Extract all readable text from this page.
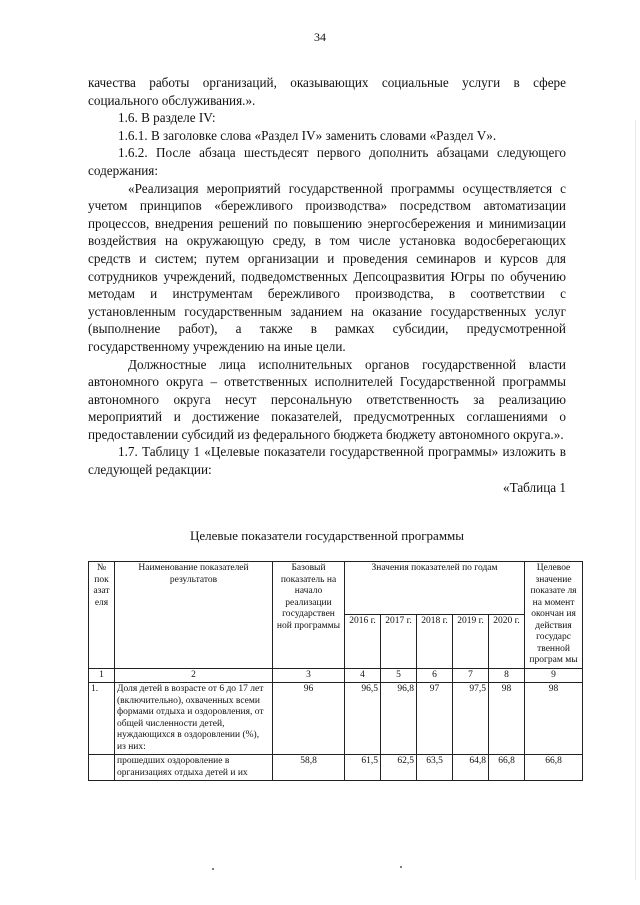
34

качества работы организаций, оказывающих социальные услуги в сфере социального обслуживания.».

1.6. В разделе IV:

1.6.1. В заголовке слова «Раздел IV» заменить словами «Раздел V».

1.6.2. После абзаца шестьдесят первого дополнить абзацами следующего содержания:

«Реализация мероприятий государственной программы осуществляется с учетом принципов «бережливого производства» посредством автоматизации процессов, внедрения решений по повышению энергосбережения и минимизации воздействия на окружающую среду, в том числе установка водосберегающих средств и систем; путем организации и проведения семинаров и курсов для сотрудников учреждений, подведомственных Депсоцразвития Югры по обучению методам и инструментам бережливого производства, в соответствии с установленным государственным заданием на оказание государственных услуг (выполнение работ), а также в рамках субсидии, предусмотренной государственному учреждению на иные цели.

Должностные лица исполнительных органов государственной власти автономного округа – ответственных исполнителей Государственной программы автономного округа несут персональную ответственность за реализацию мероприятий и достижение показателей, предусмотренных соглашениями о предоставлении субсидий из федерального бюджета бюджету автономного округа.».

1.7. Таблицу 1 «Целевые показатели государственной программы» изложить в следующей редакции:

«Таблица 1

Целевые показатели государственной программы
№ пок азат еля	Наименование показателей результатов	Базовый показатель на начало реализации государствен ной программы	Значения показателей по годам					Целевое значение показате ля на момент окончан ия действия государс твенной програм мы
			2016 г.	2017 г.	2018 г.	2019 г.	2020 г.	
1	2	3	4	5	6	7	8	9
1.	Доля детей в возрасте от 6 до 17 лет (включительно), охваченных всеми формами отдыха и оздоровления, от общей численности детей, нуждающихся в оздоровлении (%), из них:	96	96,5	96,8	97	97,5	98	98
	прошедших оздоровление в организациях отдыха детей и их	58,8	61,5	62,5	63,5	64,8	66,8	66,8
